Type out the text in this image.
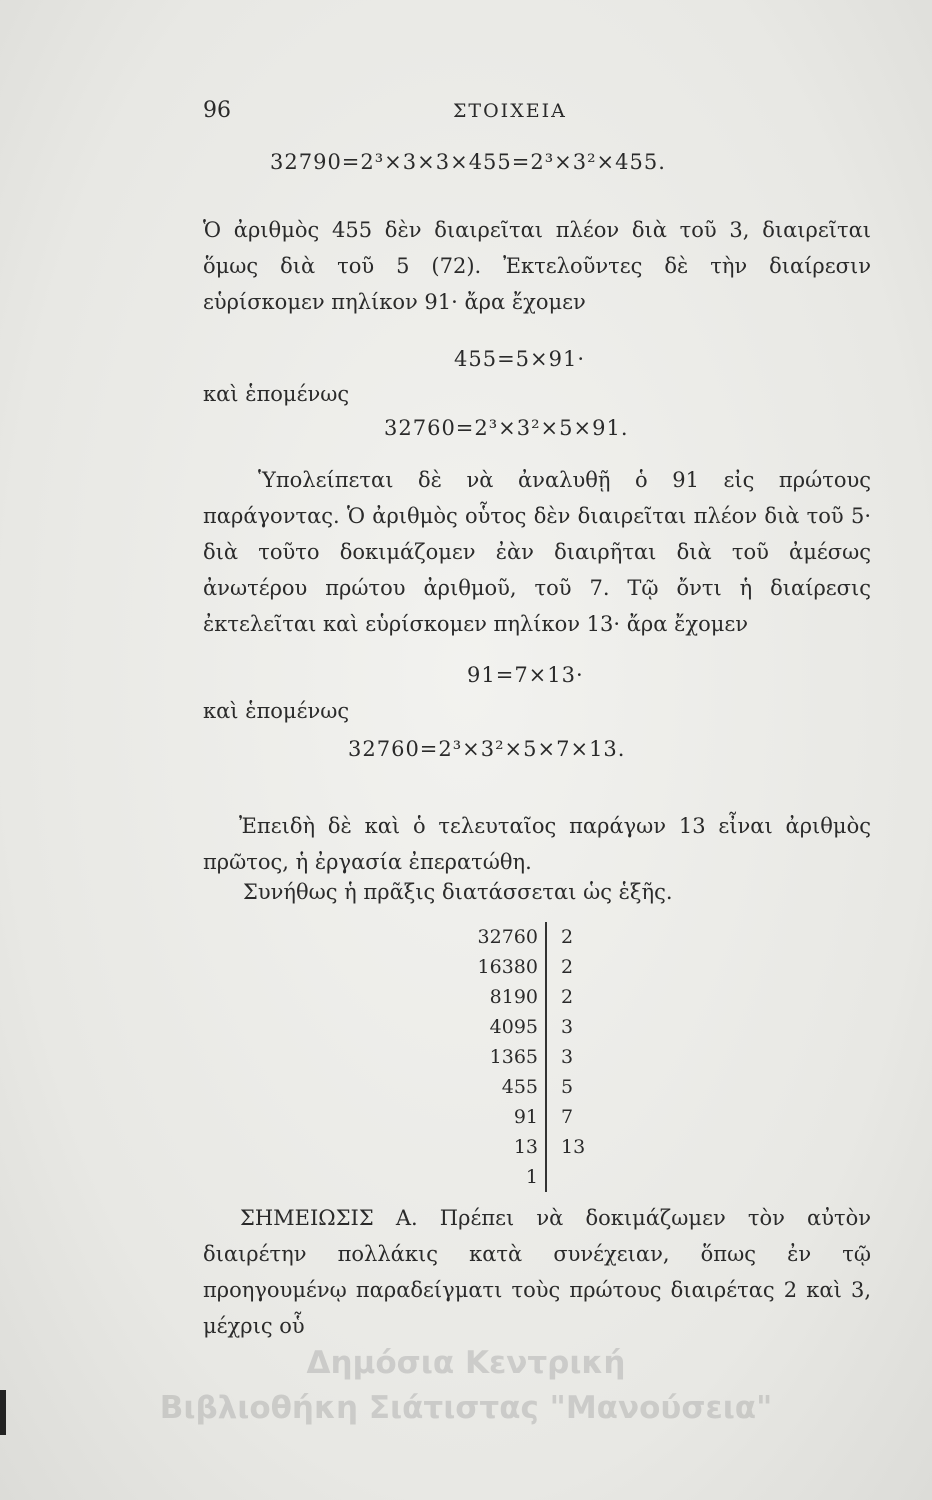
96	ΣΤΟΙΧΕΙΑ
32790=2³×3×3×455=2³×3²×455.
Ὁ ἀριθμὸς 455 δὲν διαιρεῖται πλέον διὰ τοῦ 3, διαιρεῖται ὅμως διὰ τοῦ 5 (72). Ἐκτελοῦντες δὲ τὴν διαίρεσιν εὑρίσκομεν πηλίκον 91· ἄρα ἔχομεν
455=5×91·
καὶ ἑπομένως
32760=2³×3²×5×91.
Ὑπολείπεται δὲ νὰ ἀναλυθῇ ὁ 91 εἰς πρώτους παράγοντας. Ὁ ἀριθμὸς οὗτος δὲν διαιρεῖται πλέον διὰ τοῦ 5· διὰ τοῦτο δοκιμάζομεν ἐὰν διαιρῆται διὰ τοῦ ἀμέσως ἀνωτέρου πρώτου ἀριθμοῦ, τοῦ 7. Τῷ ὄντι ἡ διαίρεσις ἐκτελεῖται καὶ εὑρίσκομεν πηλίκον 13· ἄρα ἔχομεν
91=7×13·
καὶ ἑπομένως
32760=2³×3²×5×7×13.
Ἐπειδὴ δὲ καὶ ὁ τελευταῖος παράγων 13 εἶναι ἀριθμὸς πρῶτος, ἡ ἐργασία ἐπερατώθη.
Συνήθως ἡ πρᾶξις διατάσσεται ὡς ἑξῆς.
32760	2
16380	2
8190	2
4095	3
1365	3
455	5
91	7
13	13
1	
ΣΗΜΕΙΩΣΙΣ Α. Πρέπει νὰ δοκιμάζωμεν τὸν αὐτὸν διαιρέτην πολλάκις κατὰ συνέχειαν, ὅπως ἐν τῷ προηγουμένῳ παραδείγματι τοὺς πρώτους διαιρέτας 2 καὶ 3, μέχρις οὗ
Δημόσια Κεντρική
Βιβλιοθήκη Σιάτιστας "Μανούσεια"
